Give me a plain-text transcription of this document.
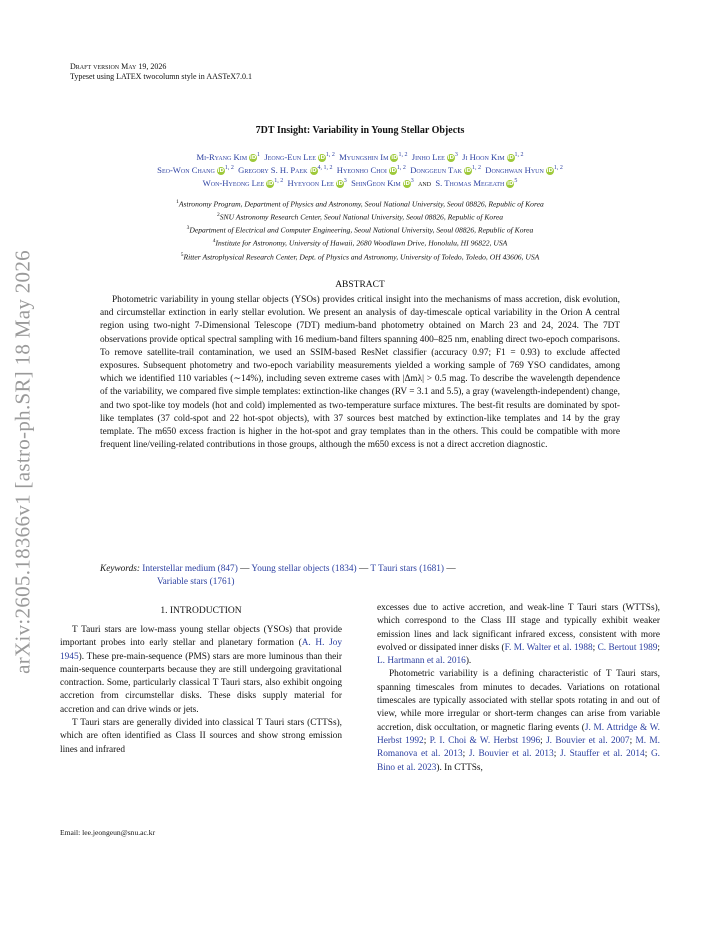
arXiv:2605.18366v1 [astro-ph.SR] 18 May 2026
Draft version May 19, 2026
Typeset using LATEX twocolumn style in AASTeX7.0.1
7DT Insight: Variability in Young Stellar Objects
Mi-Ryang Kim $iD^1$ Jeong-Eun Lee iD$^{1, 2}$ Myungshin Im iD$^{1, 2}$ Jinho Lee $iD^3$ Ji Hoon Kim iD$^{1, 2}$
Seo-Won Chang iD$^{1, 2}$ Gregory S. H. Paek iD$^{4, 1, 2}$ Hyeonho Choi iD$^{1, 2}$ Donggeun Tak iD$^{1, 2}$ Donghwan Hyun iD$^{1, 2}$
Won-Hyeong Lee iD$^{1, 2}$ Hyeyoon Lee $iD^3$ ShinGeon Kim $iD^3$ and S. Thomas Megeath $iD^5$
$^1$Astronomy Program, Department of Physics and Astronomy, Seoul National University, Seoul 08826, Republic of Korea
$^2$SNU Astronomy Research Center, Seoul National University, Seoul 08826, Republic of Korea
$^3$Department of Electrical and Computer Engineering, Seoul National University, Seoul 08826, Republic of Korea
$^4$Institute for Astronomy, University of Hawaii, 2680 Woodlawn Drive, Honolulu, HI 96822, USA
$^5$Ritter Astrophysical Research Center, Dept. of Physics and Astronomy, University of Toledo, Toledo, OH 43606, USA
ABSTRACT

Photometric variability in young stellar objects (YSOs) provides critical insight into the mechanisms of mass accretion, disk evolution, and circumstellar extinction in early stellar evolution. We present an analysis of day-timescale optical variability in the Orion A central region using two-night 7-Dimensional Telescope (7DT) medium-band photometry obtained on March 23 and 24, 2024. The 7DT observations provide optical spectral sampling with 16 medium-band filters spanning 400–825 nm, enabling direct two-epoch comparisons. To remove satellite-trail contamination, we used an SSIM-based ResNet classifier (accuracy 0.97; F1 = 0.93) to exclude affected exposures. Subsequent photometry and two-epoch variability measurements yielded a working sample of 769 YSO candidates, among which we identified 110 variables (∼14%), including seven extreme cases with |Δmλ| > 0.5 mag. To describe the wavelength dependence of the variability, we compared five simple templates: extinction-like changes (RV = 3.1 and 5.5), a gray (wavelength-independent) change, and two spot-like toy models (hot and cold) implemented as two-temperature surface mixtures. The best-fit results are dominated by spot-like templates (37 cold-spot and 22 hot-spot objects), with 37 sources best matched by extinction-like templates and 14 by the gray template. The m650 excess fraction is higher in the hot-spot and gray templates than in the others. This could be compatible with more frequent line/veiling-related contributions in those groups, although the m650 excess is not a direct accretion diagnostic.

Keywords: Interstellar medium (847) — Young stellar objects (1834) — T Tauri stars (1681) —
Variable stars (1761)
1. INTRODUCTION

T Tauri stars are low-mass young stellar objects (YSOs) that provide important probes into early stellar and planetary formation (A. H. Joy 1945). These pre-main-sequence (PMS) stars are more luminous than their main-sequence counterparts because they are still undergoing gravitational contraction. Some, particularly classical T Tauri stars, also exhibit ongoing accretion from circumstellar disks. These disks supply material for accretion and can drive winds or jets.

T Tauri stars are generally divided into classical T Tauri stars (CTTSs), which are often identified as Class II sources and show strong emission lines and infrared

excesses due to active accretion, and weak-line T Tauri stars (WTTSs), which correspond to the Class III stage and typically exhibit weaker emission lines and lack significant infrared excess, consistent with more evolved or dissipated inner disks (F. M. Walter et al. 1988; C. Bertout 1989; L. Hartmann et al. 2016).

Photometric variability is a defining characteristic of T Tauri stars, spanning timescales from minutes to decades. Variations on rotational timescales are typically associated with stellar spots rotating in and out of view, while more irregular or short-term changes can arise from variable accretion, disk occultation, or magnetic flaring events (J. M. Attridge & W. Herbst 1992; P. I. Choi & W. Herbst 1996; J. Bouvier et al. 2007; M. M. Romanova et al. 2013; J. Bouvier et al. 2013; J. Stauffer et al. 2014; G. Bino et al. 2023). In CTTSs,

Email: lee.jeongeun@snu.ac.kr
